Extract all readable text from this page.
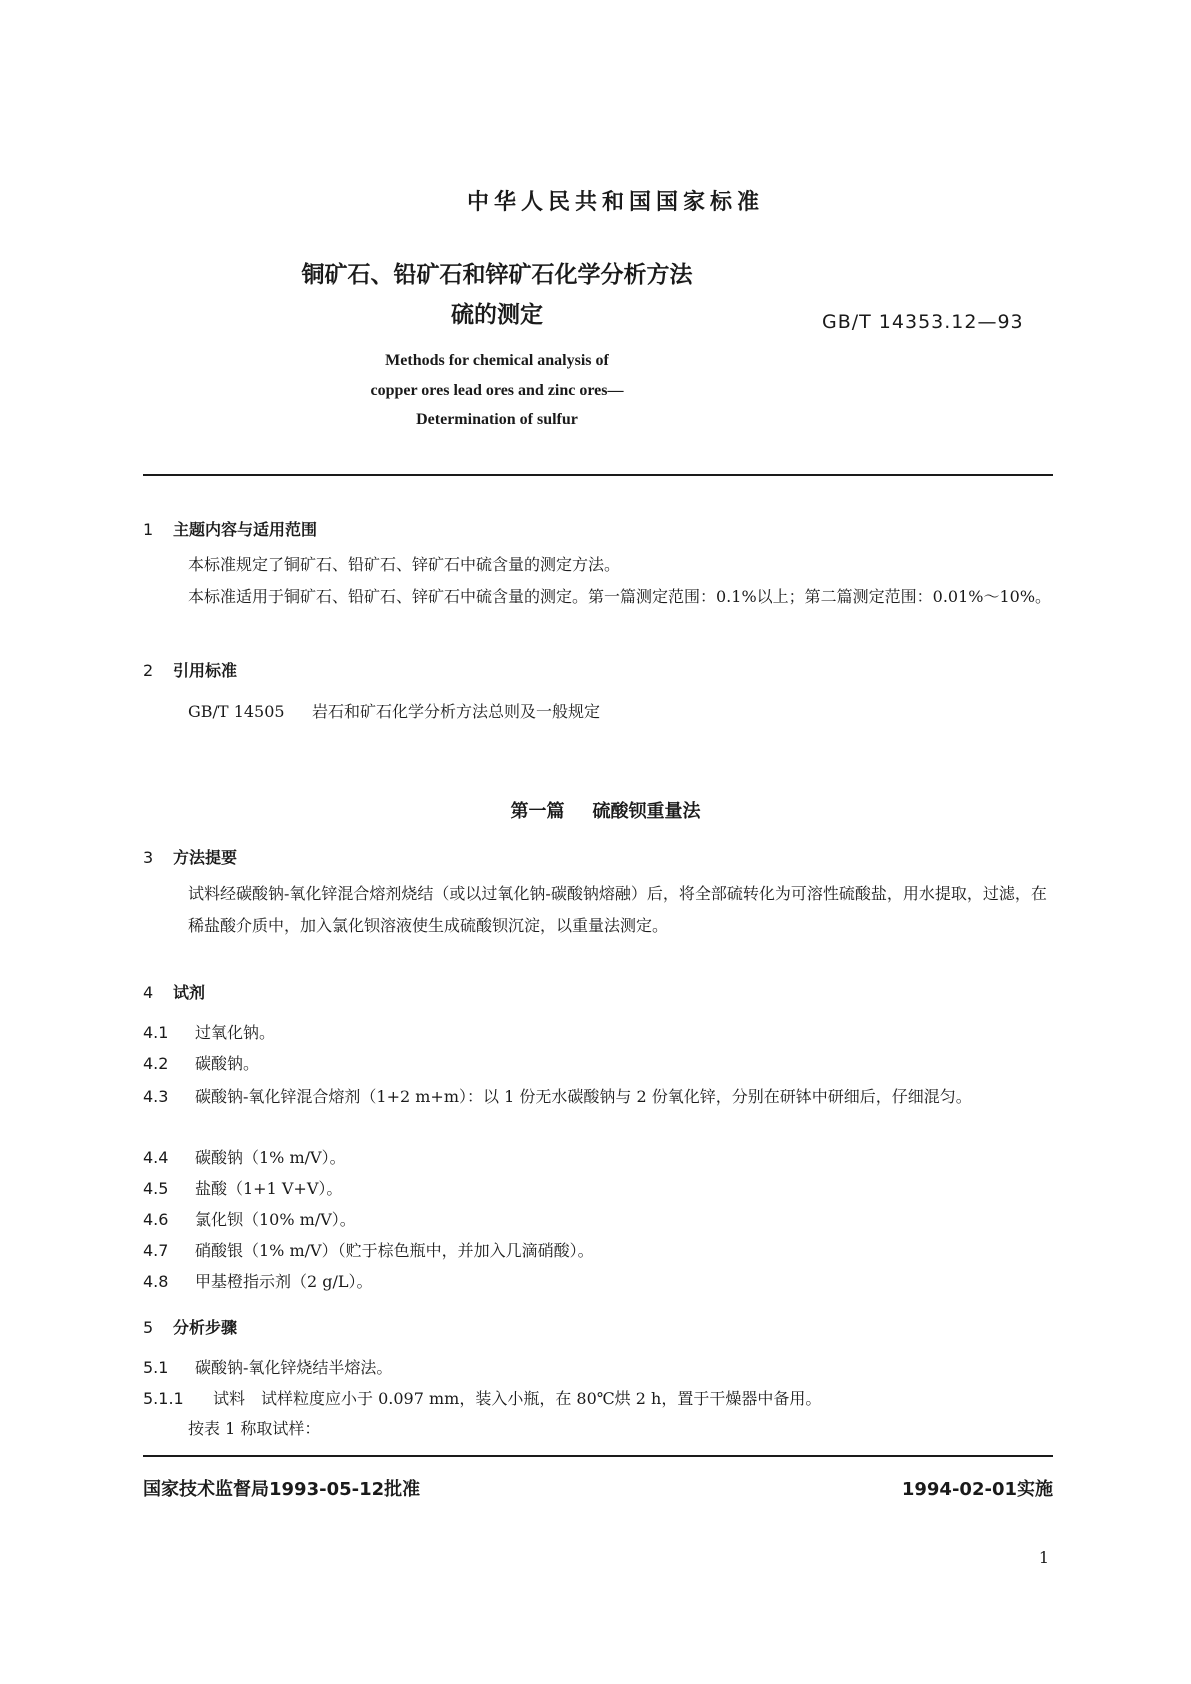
中华人民共和国国家标准
铜矿石、铅矿石和锌矿石化学分析方法
硫的测定	GB/T 14353.12—93
Methods for chemical analysis of
copper ores lead ores and zinc ores—
Determination of sulfur
1 主题内容与适用范围
本标准规定了铜矿石、铅矿石、锌矿石中硫含量的测定方法。
本标准适用于铜矿石、铅矿石、锌矿石中硫含量的测定。第一篇测定范围：0.1%以上；第二篇测定范围：0.01%～10%。
2 引用标准
GB/T 14505 岩石和矿石化学分析方法总则及一般规定
第一篇 硫酸钡重量法
3 方法提要
试料经碳酸钠-氧化锌混合熔剂烧结（或以过氧化钠-碳酸钠熔融）后，将全部硫转化为可溶性硫酸盐，用水提取，过滤，在稀盐酸介质中，加入氯化钡溶液使生成硫酸钡沉淀，以重量法测定。
4 试剂
4.1 过氧化钠。
4.2 碳酸钠。
4.3 碳酸钠-氧化锌混合熔剂（1+2 m+m）：以 1 份无水碳酸钠与 2 份氧化锌，分别在研钵中研细后，仔细混匀。
4.4 碳酸钠（1% m/V）。
4.5 盐酸（1+1 V+V）。
4.6 氯化钡（10% m/V）。
4.7 硝酸银（1% m/V）（贮于棕色瓶中，并加入几滴硝酸）。
4.8 甲基橙指示剂（2 g/L）。
5 分析步骤
5.1 碳酸钠-氧化锌烧结半熔法。
5.1.1 试料　试样粒度应小于 0.097 mm，装入小瓶，在 80℃烘 2 h，置于干燥器中备用。
按表 1 称取试样：
国家技术监督局1993-05-12批准	1994-02-01实施
1
